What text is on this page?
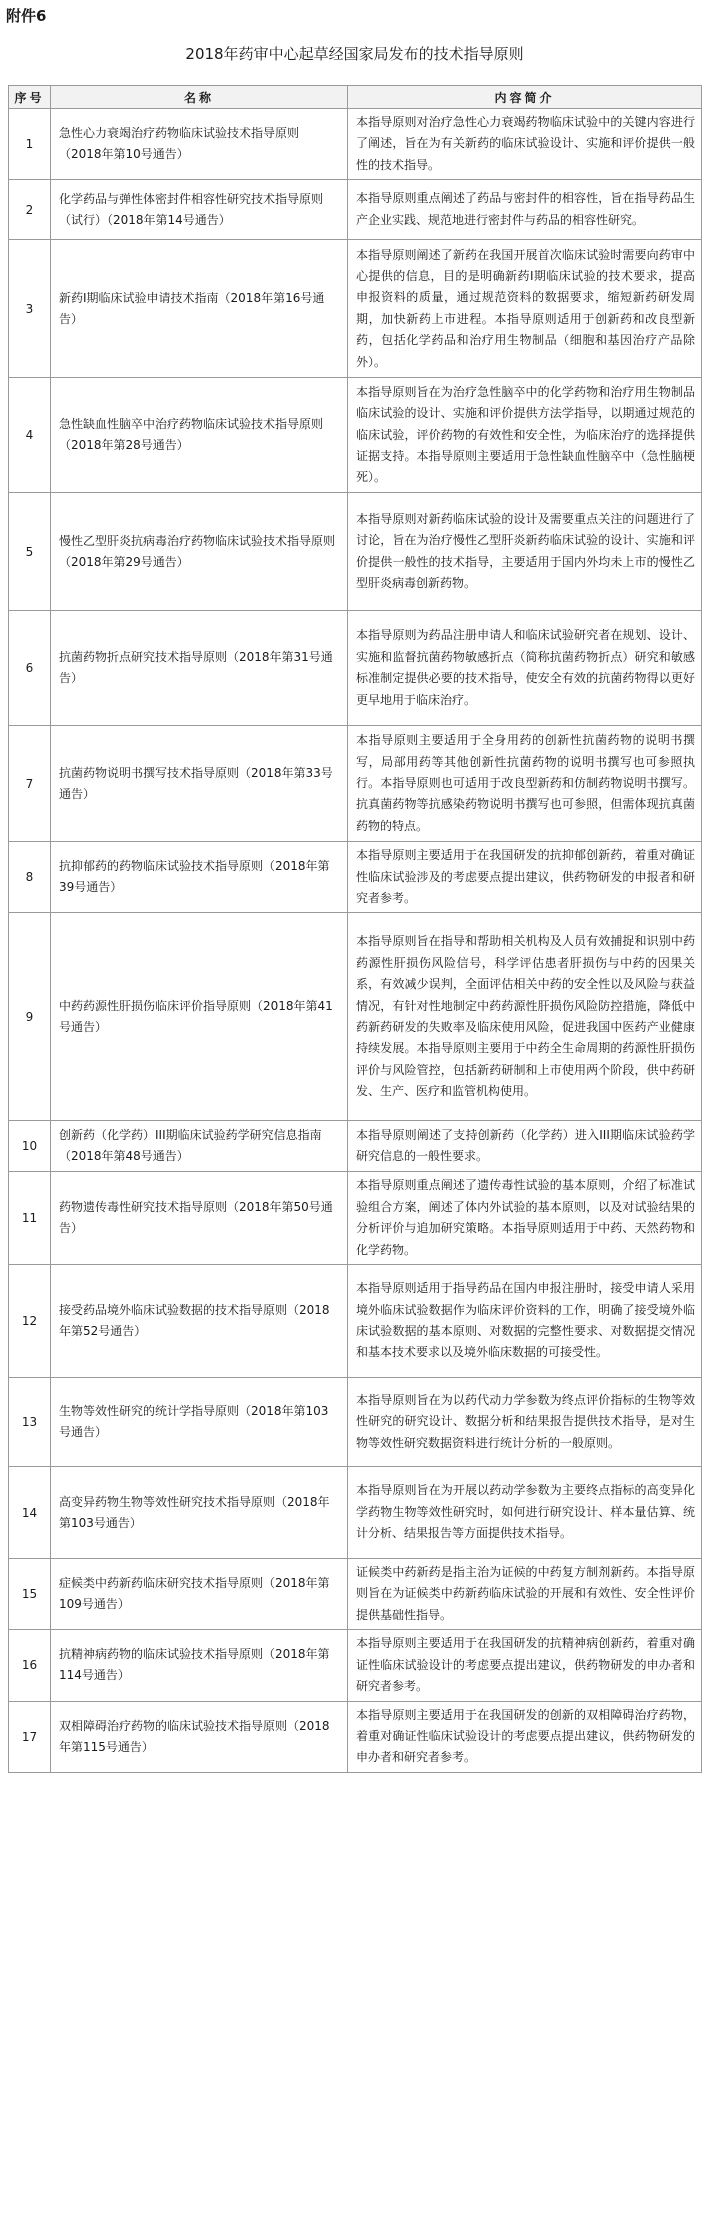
附件6
2018年药审中心起草经国家局发布的技术指导原则
序号	名称	内容简介
1	急性心力衰竭治疗药物临床试验技术指导原则（2018年第10号通告）	本指导原则对治疗急性心力衰竭药物临床试验中的关键内容进行了阐述，旨在为有关新药的临床试验设计、实施和评价提供一般性的技术指导。
2	化学药品与弹性体密封件相容性研究技术指导原则（试行）（2018年第14号通告）	本指导原则重点阐述了药品与密封件的相容性，旨在指导药品生产企业实践、规范地进行密封件与药品的相容性研究。
3	新药I期临床试验申请技术指南（2018年第16号通告）	本指导原则阐述了新药在我国开展首次临床试验时需要向药审中心提供的信息，目的是明确新药I期临床试验的技术要求，提高申报资料的质量，通过规范资料的数据要求，缩短新药研发周期，加快新药上市进程。本指导原则适用于创新药和改良型新药，包括化学药品和治疗用生物制品（细胞和基因治疗产品除外）。
4	急性缺血性脑卒中治疗药物临床试验技术指导原则（2018年第28号通告）	本指导原则旨在为治疗急性脑卒中的化学药物和治疗用生物制品临床试验的设计、实施和评价提供方法学指导，以期通过规范的临床试验，评价药物的有效性和安全性，为临床治疗的选择提供证据支持。本指导原则主要适用于急性缺血性脑卒中（急性脑梗死）。
5	慢性乙型肝炎抗病毒治疗药物临床试验技术指导原则（2018年第29号通告）	本指导原则对新药临床试验的设计及需要重点关注的问题进行了讨论，旨在为治疗慢性乙型肝炎新药临床试验的设计、实施和评价提供一般性的技术指导，主要适用于国内外均未上市的慢性乙型肝炎病毒创新药物。
6	抗菌药物折点研究技术指导原则（2018年第31号通告）	本指导原则为药品注册申请人和临床试验研究者在规划、设计、实施和监督抗菌药物敏感折点（简称抗菌药物折点）研究和敏感标准制定提供必要的技术指导，使安全有效的抗菌药物得以更好更早地用于临床治疗。
7	抗菌药物说明书撰写技术指导原则（2018年第33号通告）	本指导原则主要适用于全身用药的创新性抗菌药物的说明书撰写，局部用药等其他创新性抗菌药物的说明书撰写也可参照执行。本指导原则也可适用于改良型新药和仿制药物说明书撰写。抗真菌药物等抗感染药物说明书撰写也可参照，但需体现抗真菌药物的特点。
8	抗抑郁药的药物临床试验技术指导原则（2018年第39号通告）	本指导原则主要适用于在我国研发的抗抑郁创新药，着重对确证性临床试验涉及的考虑要点提出建议，供药物研发的申报者和研究者参考。
9	中药药源性肝损伤临床评价指导原则（2018年第41号通告）	本指导原则旨在指导和帮助相关机构及人员有效捕捉和识别中药药源性肝损伤风险信号，科学评估患者肝损伤与中药的因果关系，有效减少误判，全面评估相关中药的安全性以及风险与获益情况，有针对性地制定中药药源性肝损伤风险防控措施，降低中药新药研发的失败率及临床使用风险，促进我国中医药产业健康持续发展。本指导原则主要用于中药全生命周期的药源性肝损伤评价与风险管控，包括新药研制和上市使用两个阶段，供中药研发、生产、医疗和监管机构使用。
10	创新药（化学药）III期临床试验药学研究信息指南（2018年第48号通告）	本指导原则阐述了支持创新药（化学药）进入III期临床试验药学研究信息的一般性要求。
11	药物遗传毒性研究技术指导原则（2018年第50号通告）	本指导原则重点阐述了遗传毒性试验的基本原则，介绍了标准试验组合方案，阐述了体内外试验的基本原则，以及对试验结果的分析评价与追加研究策略。本指导原则适用于中药、天然药物和化学药物。
12	接受药品境外临床试验数据的技术指导原则（2018年第52号通告）	本指导原则适用于指导药品在国内申报注册时，接受申请人采用境外临床试验数据作为临床评价资料的工作，明确了接受境外临床试验数据的基本原则、对数据的完整性要求、对数据提交情况和基本技术要求以及境外临床数据的可接受性。
13	生物等效性研究的统计学指导原则（2018年第103号通告）	本指导原则旨在为以药代动力学参数为终点评价指标的生物等效性研究的研究设计、数据分析和结果报告提供技术指导，是对生物等效性研究数据资料进行统计分析的一般原则。
14	高变异药物生物等效性研究技术指导原则（2018年第103号通告）	本指导原则旨在为开展以药动学参数为主要终点指标的高变异化学药物生物等效性研究时，如何进行研究设计、样本量估算、统计分析、结果报告等方面提供技术指导。
15	症候类中药新药临床研究技术指导原则（2018年第109号通告）	证候类中药新药是指主治为证候的中药复方制剂新药。本指导原则旨在为证候类中药新药临床试验的开展和有效性、安全性评价提供基础性指导。
16	抗精神病药物的临床试验技术指导原则（2018年第114号通告）	本指导原则主要适用于在我国研发的抗精神病创新药，着重对确证性临床试验设计的考虑要点提出建议，供药物研发的申办者和研究者参考。
17	双相障碍治疗药物的临床试验技术指导原则（2018年第115号通告）	本指导原则主要适用于在我国研发的创新的双相障碍治疗药物，着重对确证性临床试验设计的考虑要点提出建议，供药物研发的申办者和研究者参考。
